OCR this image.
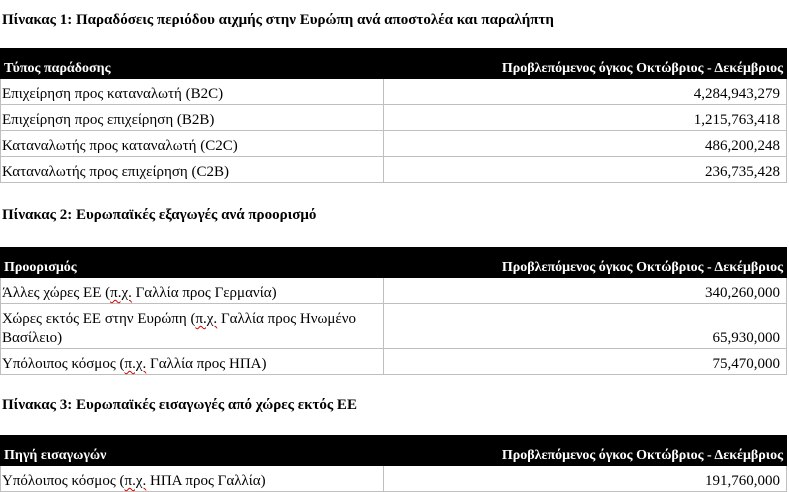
Πίνακας 1: Παραδόσεις περιόδου αιχμής στην Ευρώπη ανά αποστολέα και παραλήπτη
Τύπος παράδοσης	Προβλεπόμενος όγκος Οκτώβριος - Δεκέμβριος
Επιχείρηση προς καταναλωτή (B2C)	4,284,943,279
Επιχείρηση προς επιχείρηση (B2B)	1,215,763,418
Καταναλωτής προς καταναλωτή (C2C)	486,200,248
Καταναλωτής προς επιχείρηση (C2B)	236,735,428
Πίνακας 2: Ευρωπαϊκές εξαγωγές ανά προορισμό
Προορισμός	Προβλεπόμενος όγκος Οκτώβριος - Δεκέμβριος
Άλλες χώρες ΕΕ (π.χ. Γαλλία προς Γερμανία)	340,260,000
Χώρες εκτός ΕΕ στην Ευρώπη (π.χ. Γαλλία προς Ηνωμένο Βασίλειο)	65,930,000
Υπόλοιπος κόσμος (π.χ. Γαλλία προς ΗΠΑ)	75,470,000
Πίνακας 3: Ευρωπαϊκές εισαγωγές από χώρες εκτός ΕΕ
Πηγή εισαγωγών	Προβλεπόμενος όγκος Οκτώβριος - Δεκέμβριος
Υπόλοιπος κόσμος (π.χ. ΗΠΑ προς Γαλλία)	191,760,000
